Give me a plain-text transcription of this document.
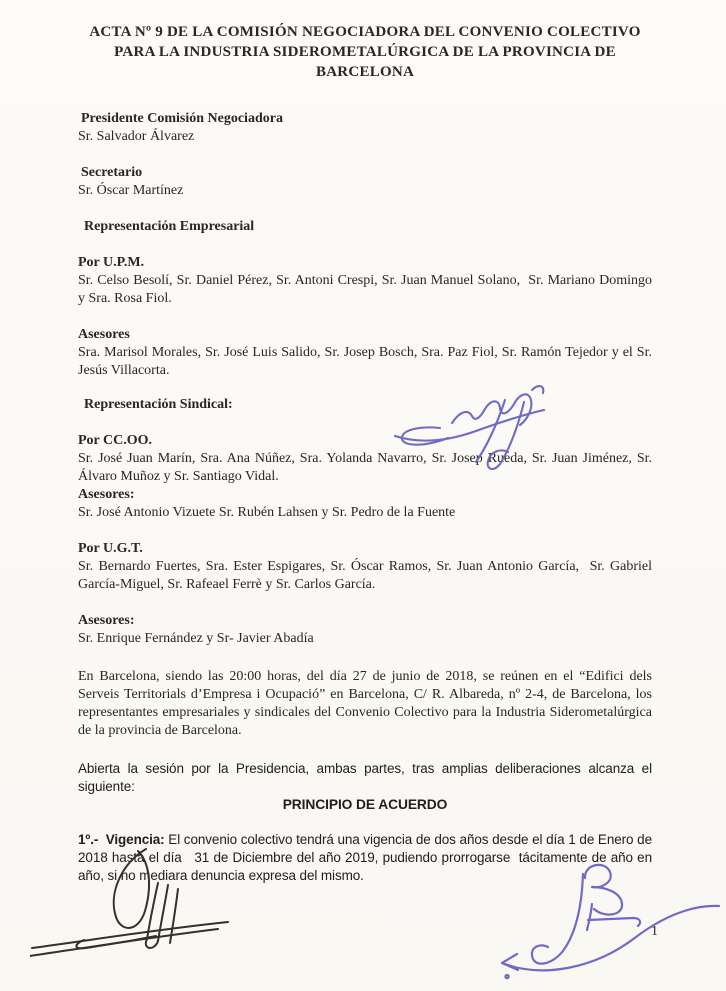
ACTA Nº 9 DE LA COMISIÓN NEGOCIADORA DEL CONVENIO COLECTIVO
PARA LA INDUSTRIA SIDEROMETALÚRGICA DE LA PROVINCIA DE
BARCELONA
Presidente Comisión Negociadora
Sr. Salvador Álvarez
Secretario
Sr. Óscar Martínez
Representación Empresarial
Por U.P.M.
Sr. Celso Besolí, Sr. Daniel Pérez, Sr. Antoni Crespi, Sr. Juan Manuel Solano,  Sr. Mariano Domingo y Sra. Rosa Fiol.
Asesores
Sra. Marisol Morales, Sr. José Luis Salido, Sr. Josep Bosch, Sra. Paz Fiol, Sr. Ramón Tejedor y el Sr. Jesús Villacorta.
Representación Sindical:
Por CC.OO.
Sr. José Juan Marín, Sra. Ana Núñez, Sra. Yolanda Navarro, Sr. Josep Rueda, Sr. Juan Jiménez, Sr. Álvaro Muñoz y Sr. Santiago Vidal.
Asesores:
Sr. José Antonio Vizuete Sr. Rubén Lahsen y Sr. Pedro de la Fuente
Por U.G.T.
Sr. Bernardo Fuertes, Sra. Ester Espigares, Sr. Óscar Ramos, Sr. Juan Antonio García,  Sr. Gabriel García-Miguel, Sr. Rafeael Ferrè y Sr. Carlos García.
Asesores:
Sr. Enrique Fernández y Sr- Javier Abadía
En Barcelona, siendo las 20:00 horas, del día 27 de junio de 2018, se reúnen en el “Edifici dels Serveis Territorials d’Empresa i Ocupació” en Barcelona, C/ R. Albareda, nº 2-4, de Barcelona, los representantes empresariales y sindicales del Convenio Colectivo para la Industria Siderometalúrgica de la provincia de Barcelona.
Abierta la sesión por la Presidencia, ambas partes, tras amplias deliberaciones alcanza el siguiente:
PRINCIPIO DE ACUERDO
1º.-  Vigencia: El convenio colectivo tendrá una vigencia de dos años desde el día 1 de Enero de 2018 hasta el día   31 de Diciembre del año 2019, pudiendo prorrogarse  tácitamente de año en año, si no mediara denuncia expresa del mismo.
1
